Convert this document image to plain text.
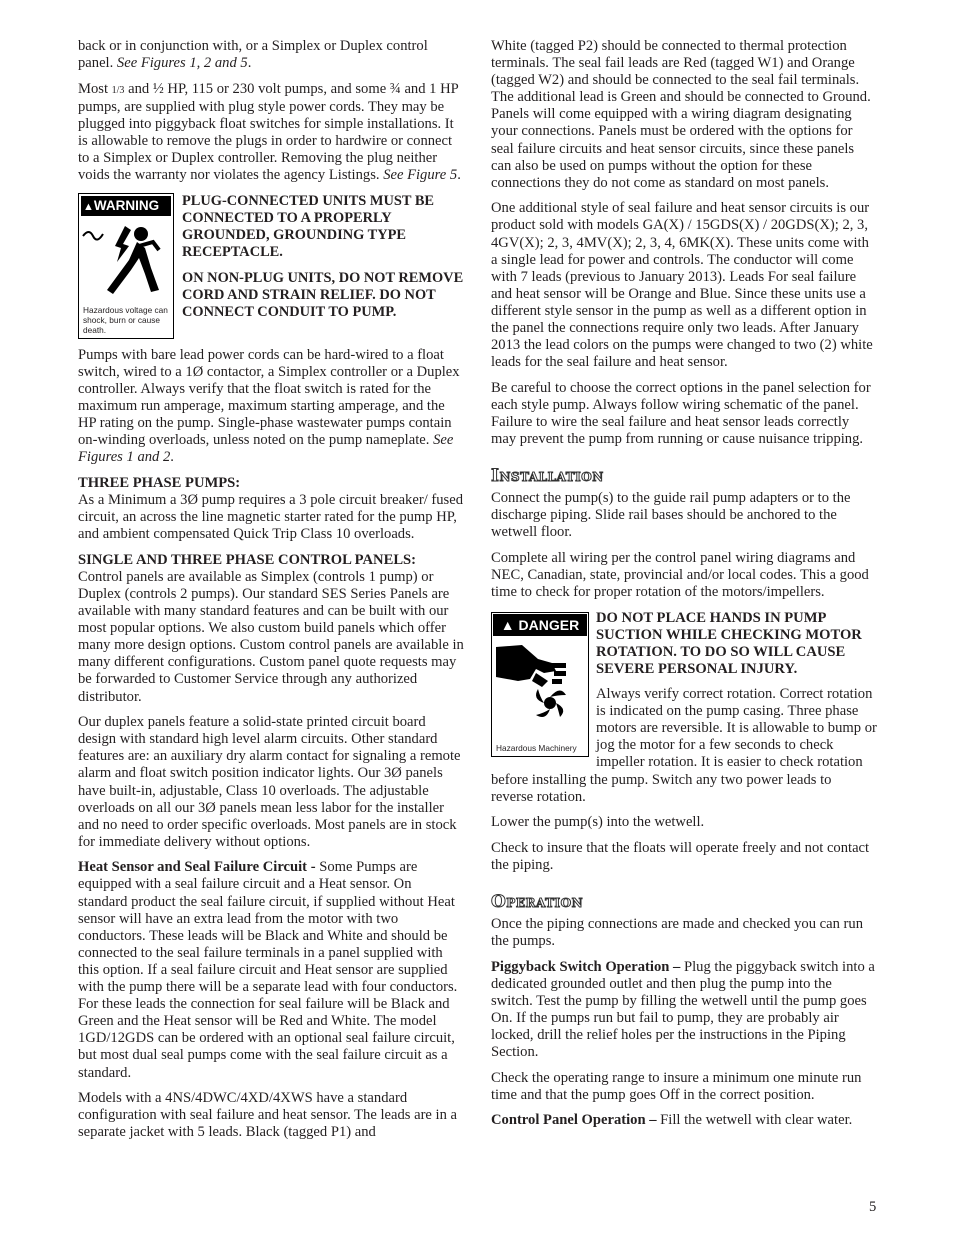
back or in conjunction with, or a Simplex or Duplex control panel. See Figures 1, 2 and 5.

Most 1/3 and ½ HP, 115 or 230 volt pumps, and some ¾ and 1 HP pumps, are supplied with plug style power cords. They may be plugged into piggyback float switches for simple installations. It is allowable to remove the plugs in order to hardwire or connect to a Simplex or Duplex controller. Removing the plug neither voids the warranty nor violates the agency Listings. See Figure 5.

▲WARNING
Hazardous voltage can shock, burn or cause death.

PLUG-CONNECTED UNITS MUST BE CONNECTED TO A PROPERLY GROUNDED, GROUNDING TYPE RECEPTACLE.

ON NON-PLUG UNITS, DO NOT REMOVE CORD AND STRAIN RELIEF. DO NOT CONNECT CONDUIT TO PUMP.

Pumps with bare lead power cords can be hard-wired to a float switch, wired to a 1Ø contactor, a Simplex controller or a Duplex controller. Always verify that the float switch is rated for the maximum run amperage, maximum starting amperage, and the HP rating on the pump. Single-phase wastewater pumps contain on-winding overloads, unless noted on the pump nameplate. See Figures 1 and 2.

THREE PHASE PUMPS:
As a Minimum a 3Ø pump requires a 3 pole circuit breaker/ fused circuit, an across the line magnetic starter rated for the pump HP, and ambient compensated Quick Trip Class 10 overloads.

SINGLE AND THREE PHASE CONTROL PANELS:
Control panels are available as Simplex (controls 1 pump) or Duplex (controls 2 pumps). Our standard SES Series Panels are available with many standard features and can be built with our most popular options. We also custom build panels which offer many more design options. Custom control panels are available in many different configurations. Custom panel quote requests may be forwarded to Customer Service through any authorized distributor.

Our duplex panels feature a solid-state printed circuit board design with standard high level alarm circuits. Other standard features are: an auxiliary dry alarm contact for signaling a remote alarm and float switch position indicator lights. Our 3Ø panels have built-in, adjustable, Class 10 overloads. The adjustable overloads on all our 3Ø panels mean less labor for the installer and no need to order specific overloads. Most panels are in stock for immediate delivery without options.

Heat Sensor and Seal Failure Circuit - Some Pumps are equipped with a seal failure circuit and a Heat sensor. On standard product the seal failure circuit, if supplied without Heat sensor will have an extra lead from the motor with two conductors. These leads will be Black and White and should be connected to the seal failure terminals in a panel supplied with this option. If a seal failure circuit and Heat sensor are supplied with the pump there will be a separate lead with four conductors. For these leads the connection for seal failure will be Black and Green and the Heat sensor will be Red and White. The model 1GD/12GDS can be ordered with an optional seal failure circuit, but most dual seal pumps come with the seal failure circuit as a standard.

Models with a 4NS/4DWC/4XD/4XWS have a standard configuration with seal failure and heat sensor. The leads are in a separate jacket with 5 leads. Black (tagged P1) and

White (tagged P2) should be connected to thermal protection terminals. The seal fail leads are Red (tagged W1) and Orange (tagged W2) and should be connected to the seal fail terminals. The additional lead is Green and should be connected to Ground. Panels will come equipped with a wiring diagram designating your connections. Panels must be ordered with the options for seal failure circuits and heat sensor circuits, since these panels can also be used on pumps without the option for these connections they do not come as standard on most panels.

One additional style of seal failure and heat sensor circuits is our product sold with models GA(X) / 15GDS(X) / 20GDS(X); 2, 3, 4GV(X); 2, 3, 4MV(X); 2, 3, 4, 6MK(X). These units come with a single lead for power and controls. The conductor will come with 7 leads (previous to January 2013). Leads For seal failure and heat sensor will be Orange and Blue. Since these units use a different style sensor in the pump as well as a different option in the panel the connections require only two leads. After January 2013 the lead colors on the pumps were changed to two (2) white leads for the seal failure and heat sensor.

Be careful to choose the correct options in the panel selection for each style pump. Always follow wiring schematic of the panel. Failure to wire the seal failure and heat sensor leads correctly may prevent the pump from running or cause nuisance tripping.

Installation

Connect the pump(s) to the guide rail pump adapters or to the discharge piping. Slide rail bases should be anchored to the wetwell floor.

Complete all wiring per the control panel wiring diagrams and NEC, Canadian, state, provincial and/or local codes. This a good time to check for proper rotation of the motors/impellers.

▲ DANGER
Hazardous Machinery

DO NOT PLACE HANDS IN PUMP SUCTION WHILE CHECKING MOTOR ROTATION. TO DO SO WILL CAUSE SEVERE PERSONAL INJURY.

Always verify correct rotation. Correct rotation is indicated on the pump casing. Three phase motors are reversible. It is allowable to bump or jog the motor for a few seconds to check impeller rotation. It is easier to check rotation before installing the pump. Switch any two power leads to reverse rotation.

Lower the pump(s) into the wetwell.

Check to insure that the floats will operate freely and not contact the piping.

Operation

Once the piping connections are made and checked you can run the pumps.

Piggyback Switch Operation – Plug the piggyback switch into a dedicated grounded outlet and then plug the pump into the switch. Test the pump by filling the wetwell until the pump goes On. If the pumps run but fail to pump, they are probably air locked, drill the relief holes per the instructions in the Piping Section.

Check the operating range to insure a minimum one minute run time and that the pump goes Off in the correct position.

Control Panel Operation – Fill the wetwell with clear water.

5
